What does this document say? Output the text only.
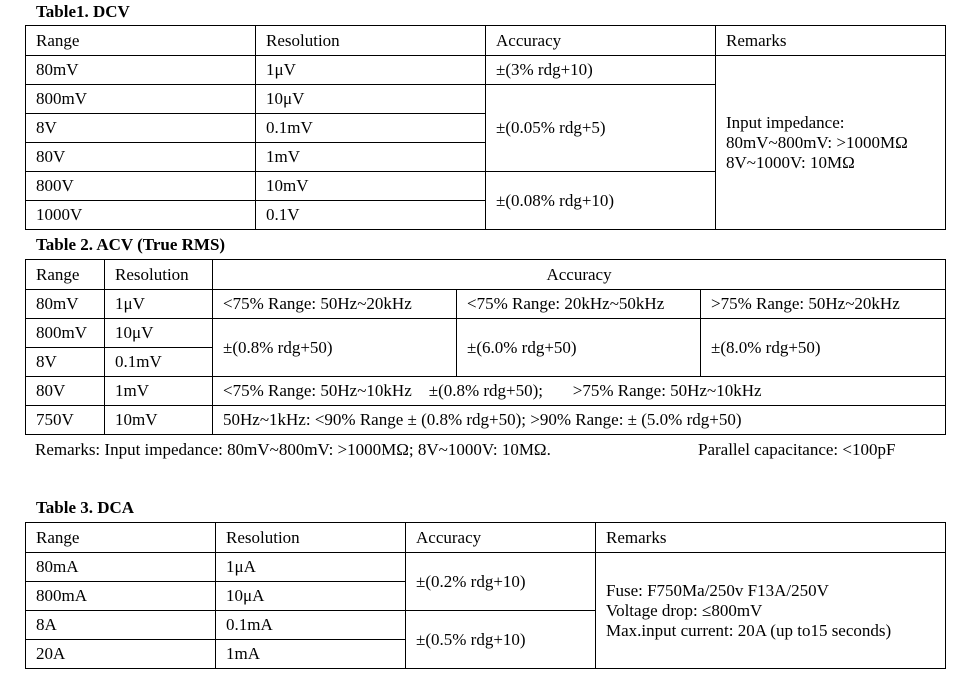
Table1. DCV
Range	Resolution	Accuracy	Remarks
80mV	1μV	±(3% rdg+10)	Input impedance:
80mV~800mV: >1000MΩ
8V~1000V: 10MΩ

800mV	10μV	±(0.05% rdg+5)	
8V	0.1mV		
80V	1mV		
800V	10mV	±(0.08% rdg+10)	
1000V	0.1V		
Table 2. ACV (True RMS)
Range	Resolution	Accuracy		
80mV	1μV	<75% Range: 50Hz~20kHz	<75% Range: 20kHz~50kHz	>75% Range: 50Hz~20kHz
800mV	10μV	±(0.8% rdg+50)	±(6.0% rdg+50)	±(8.0% rdg+50)
8V	0.1mV			
80V	1mV	<75% Range: 50Hz~10kHz    ±(0.8% rdg+50);       >75% Range: 50Hz~10kHz		
750V	10mV	50Hz~1kHz: <90% Range ± (0.8% rdg+50); >90% Range: ± (5.0% rdg+50)		
Remarks: Input impedance: 80mV~800mV: >1000MΩ; 8V~1000V: 10MΩ.	Parallel capacitance: <100pF
Table 3. DCA
Range	Resolution	Accuracy	Remarks
80mA	1μA	±(0.2% rdg+10)	Fuse: F750Ma/250v F13A/250V
Voltage drop: ≤800mV
Max.input current: 20A (up to15 seconds)

800mA	10μA		
8A	0.1mA	±(0.5% rdg+10)	
20A	1mA		
